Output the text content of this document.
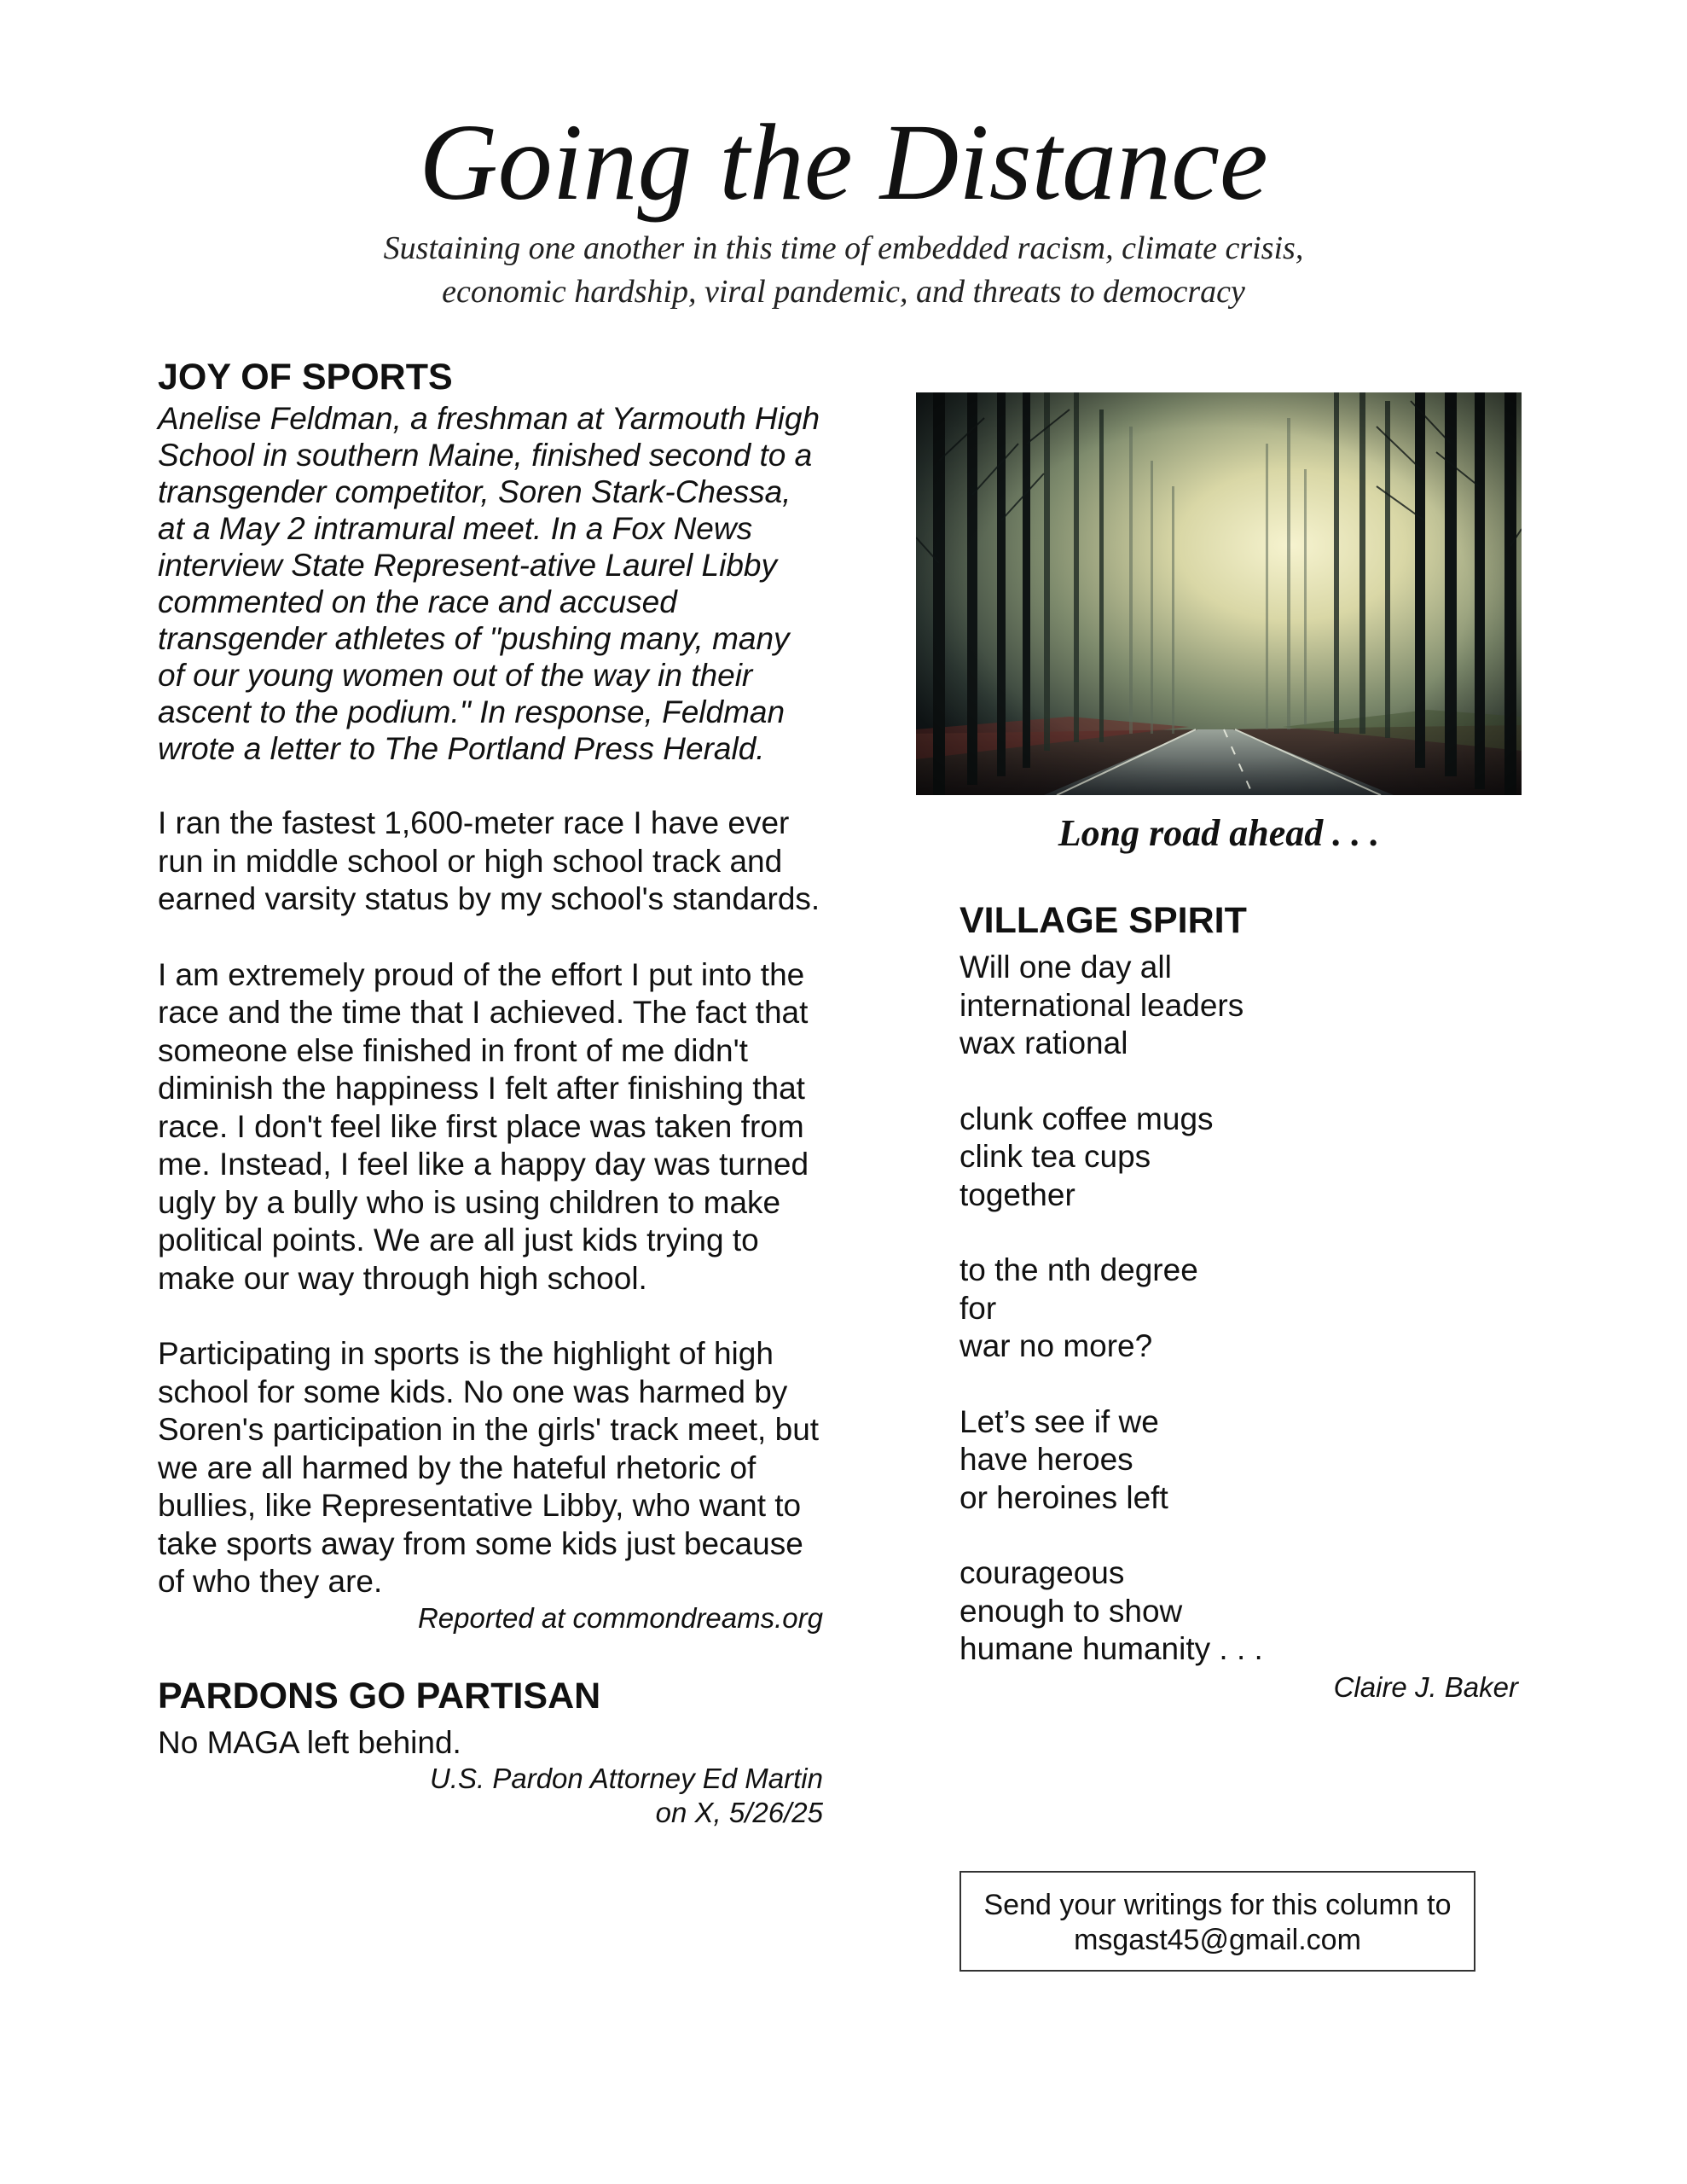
Going the Distance
Sustaining one another in this time of embedded racism, climate crisis,
economic hardship, viral pandemic, and threats to democracy
JOY OF SPORTS

Anelise Feldman, a freshman at Yarmouth High School in southern Maine, finished second to a transgender competitor, Soren Stark-Chessa, at a May 2 intramural meet. In a Fox News interview State Represent-ative Laurel Libby commented on the race and accused transgender athletes of "pushing many, many of our young women out of the way in their ascent to the podium." In response, Feldman wrote a letter to The Portland Press Herald.

I ran the fastest 1,600-meter race I have ever run in middle school or high school track and earned varsity status by my school's standards.

I am extremely proud of the effort I put into the race and the time that I achieved. The fact that someone else finished in front of me didn't diminish the happiness I felt after finishing that race. I don't feel like first place was taken from me. Instead, I feel like a happy day was turned ugly by a bully who is using children to make political points. We are all just kids trying to make our way through high school.

Participating in sports is the highlight of high school for some kids. No one was harmed by Soren's participation in the girls' track meet, but we are all harmed by the hateful rhetoric of bullies, like Representative Libby, who want to take sports away from some kids just because of who they are.

Reported at commondreams.org

PARDONS GO PARTISAN

No MAGA left behind.

U.S. Pardon Attorney Ed Martin
on X, 5/26/25

Long road ahead . . .
VILLAGE SPIRIT
Will one day all
international leaders
wax rational
clunk coffee mugs
clink tea cups
together
to the nth degree
for
war no more?
Let’s see if we
have heroes
or heroines left
courageous
enough to show
humane humanity . . .
Claire J. Baker
Send your writings for this column to
msgast45@gmail.com
